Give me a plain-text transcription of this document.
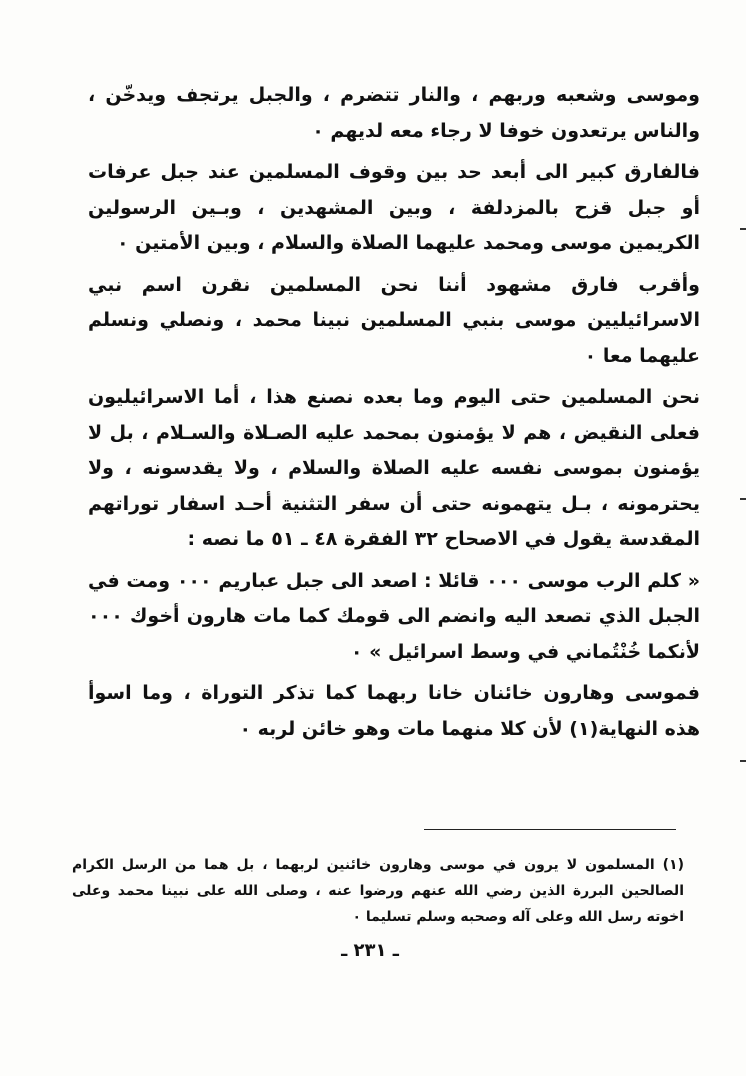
وموسى وشعبه وربهم ، والنار تتضرم ، والجبل يرتجف ويدخّن ، والناس يرتعدون خوفا لا رجاء معه لديهم ٠

فالفارق كبير الى أبعد حد بين وقوف المسلمين عند جبل عرفات أو جبل قزح بالمزدلفة ، وبين المشهدين ، وبـين الرسولين الكريمين موسى ومحمد عليهما الصلاة والسلام ، وبين الأمتين ٠

وأقرب فارق مشهود أننا نحن المسلمين نقرن اسم نبي الاسرائيليين موسى بنبي المسلمين نبينا محمد ، ونصلي ونسلم عليهما معا ٠

نحن المسلمين حتى اليوم وما بعده نصنع هذا ، أما الاسرائيليون فعلى النقيض ، هم لا يؤمنون بمحمد عليه الصـلاة والسـلام ، بل لا يؤمنون بموسى نفسه عليه الصلاة والسلام ، ولا يقدسونه ، ولا يحترمونه ، بـل يتهمونه حتى أن سفر التثنية أحـد اسفار توراتهم المقدسة يقول في الاصحاح ٣٢ الفقرة ٤٨ ـ ٥١ ما نصه :

« كلم الرب موسى ٠٠٠ قائلا : اصعد الى جبل عباريم ٠٠٠ ومت في الجبل الذي تصعد اليه وانضم الى قومك كما مات هارون أخوك ٠٠٠ لأنكما خُنْتُماني في وسط اسرائيل » ٠

فموسى وهارون خائنان خانا ربهما كما تذكر التوراة ، وما اسوأ هذه النهاية(١) لأن كلا منهما مات وهو خائن لربه ٠

(١) المسلمون لا يرون في موسى وهارون خائنين لربهما ، بل هما من الرسل الكرام الصالحين البررة الذين رضي الله عنهم ورضوا عنه ، وصلى الله على نبينا محمد وعلى اخوته رسل الله وعلى آله وصحبه وسلم تسليما ٠
ـ ٢٣١ ـ
